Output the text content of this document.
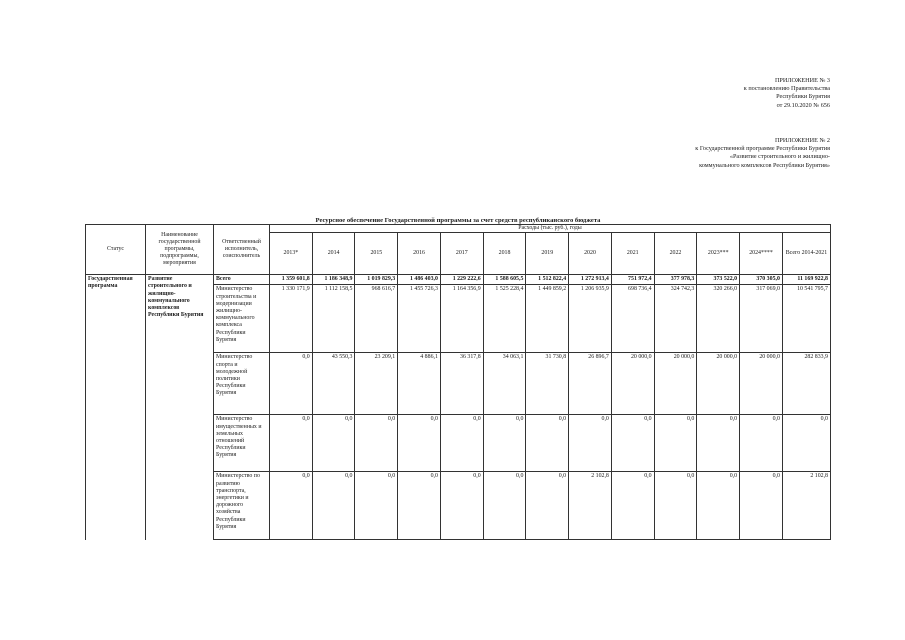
ПРИЛОЖЕНИЕ № 3
к постановлению Правительства
Республики Бурятия
от 29.10.2020 № 656
ПРИЛОЖЕНИЕ № 2
к Государственной программе Республики Бурятия
«Развитие строительного и жилищно-
коммунального комплексов Республики Бурятия»
Ресурсное обеспечение Государственной программы за счет средств республиканского бюджета
Статус	Наименование государственной программы, подпрограммы, мероприятия	Ответственный исполнитель, соисполнитель	Расходы (тыс. руб.), годы												
			2013*	2014	2015	2016	2017	2018	2019	2020	2021	2022	2023***	2024****	Всего 2014-2021
Государственная программа	Развитие строительного и жилищно-коммунального комплексов Республики Бурятия	Всего	1 359 601,8	1 186 348,9	1 019 829,3	1 486 403,0	1 229 222,6	1 588 605,5	1 512 822,4	1 272 913,4	751 972,4	377 978,3	373 522,0	370 305,0	11 169 922,8
		Министерство строительства и модернизации жилищно-коммунального комплекса Республики Бурятия	1 330 171,9	1 112 158,5	968 616,7	1 455 726,3	1 164 356,9	1 525 228,4	1 449 859,2	1 206 935,9	698 736,4	324 742,3	320 266,0	317 069,0	10 541 795,7
		Министерство спорта и молодежной политики Республики Бурятия	0,0	43 550,3	23 209,1	4 886,1	36 317,8	34 063,1	31 730,8	26 896,7	20 000,0	20 000,0	20 000,0	20 000,0	282 833,9
		Министерство имущественных и земельных отношений Республики Бурятия	0,0	0,0	0,0	0,0	0,0	0,0	0,0	0,0	0,0	0,0	0,0	0,0	0,0
		Министерство по развитию транспорта, энергетики и дорожного хозяйства Республики Бурятия	0,0	0,0	0,0	0,0	0,0	0,0	0,0	2 102,8	0,0	0,0	0,0	0,0	2 102,8
